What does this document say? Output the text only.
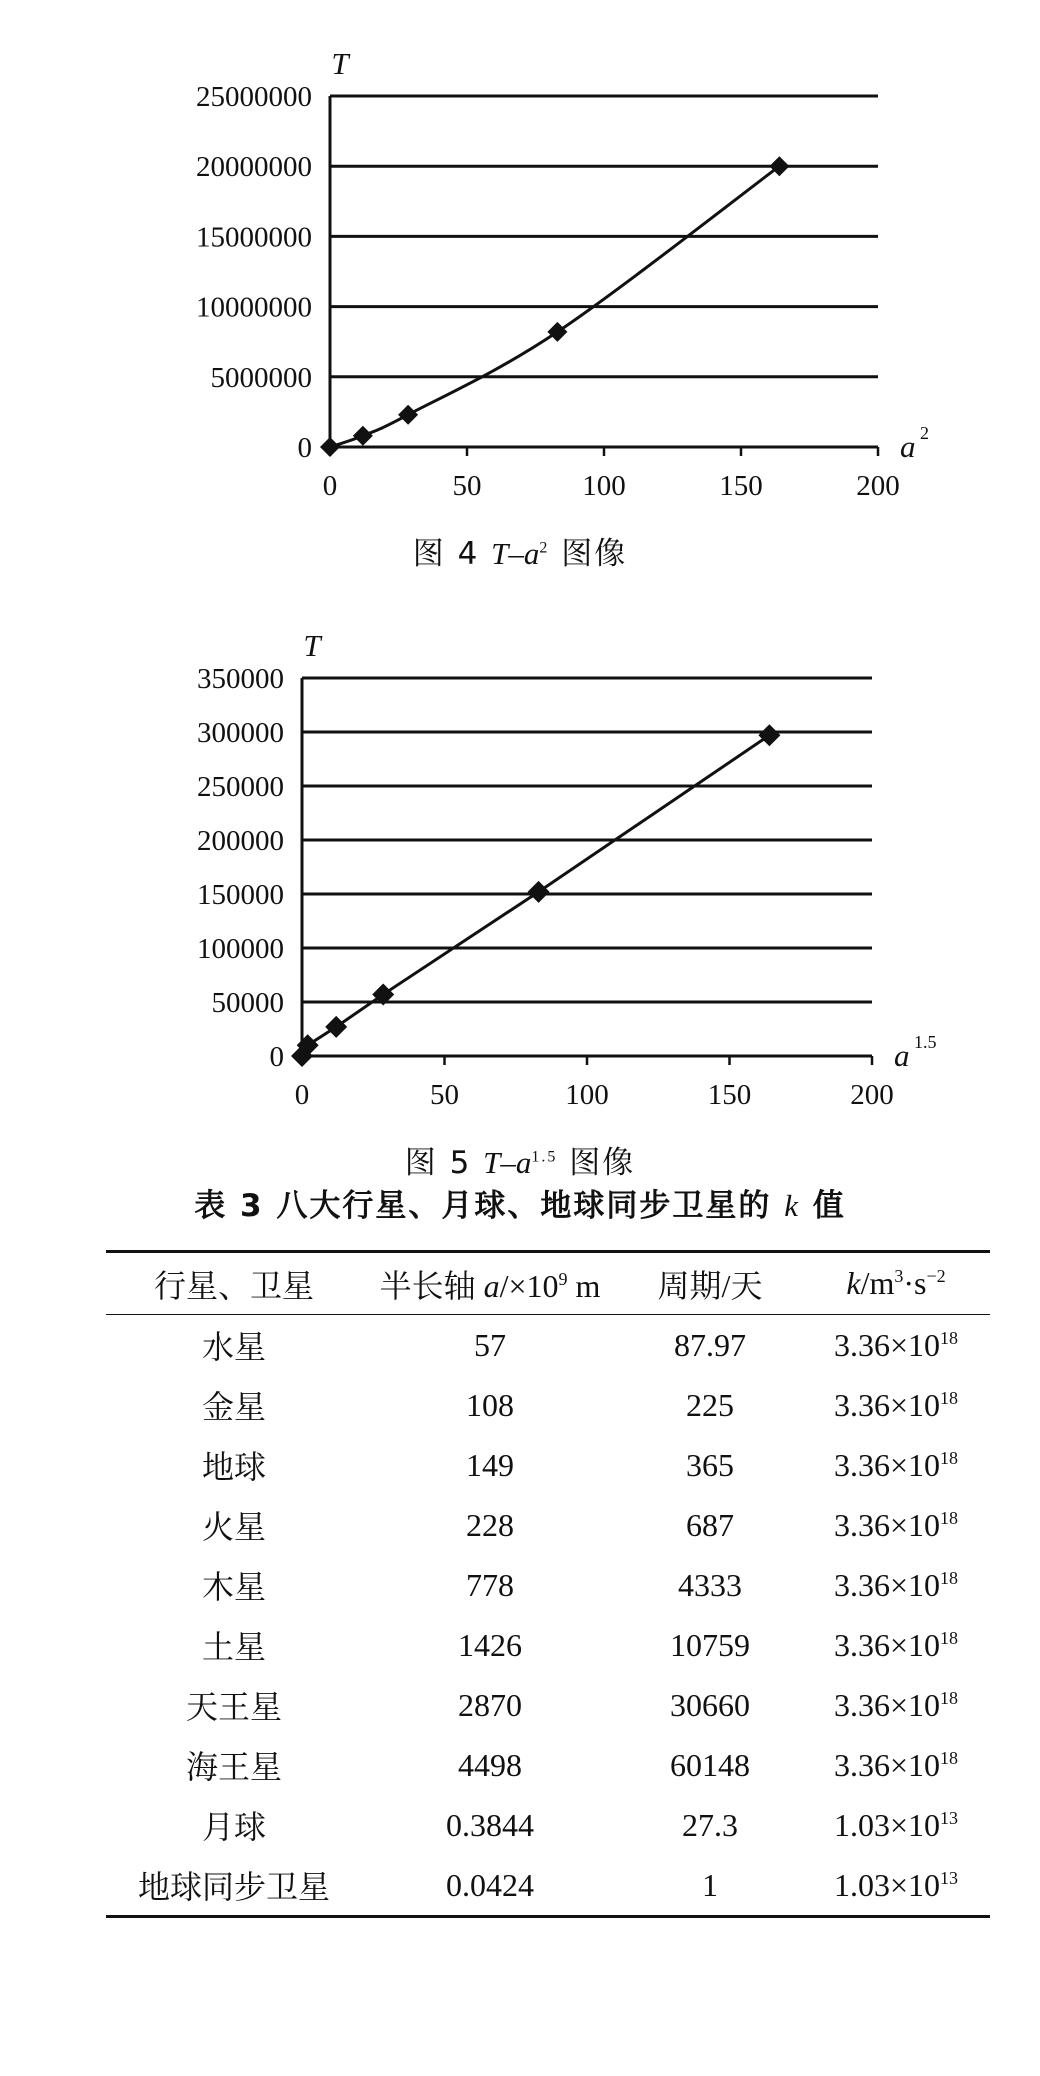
0
5000000
10000000
15000000
20000000
25000000
0	50	100	150	200
T
a 2
图 4 $T-a^2$ 图像
0
50000
100000
150000
200000
250000
300000
350000
0	50	100	150	200
T
a 1.5
图 5 $T-a^{1.5}$ 图像
表 3 八大行星、月球、地球同步卫星的 k 值
行星、卫星	半长轴 $a/\times 10^9$ m	周期/天	$k/m^3\cdot s^{-2}$
水星	57	87.97	$3.36\times 10^{18}$
金星	108	225	$3.36\times 10^{18}$
地球	149	365	$3.36\times 10^{18}$
火星	228	687	$3.36\times 10^{18}$
木星	778	4333	$3.36\times 10^{18}$
土星	1426	10759	$3.36\times 10^{18}$
天王星	2870	30660	$3.36\times 10^{18}$
海王星	4498	60148	$3.36\times 10^{18}$
月球	0.3844	27.3	$1.03\times 10^{13}$
地球同步卫星	0.0424	1	$1.03\times 10^{13}$
